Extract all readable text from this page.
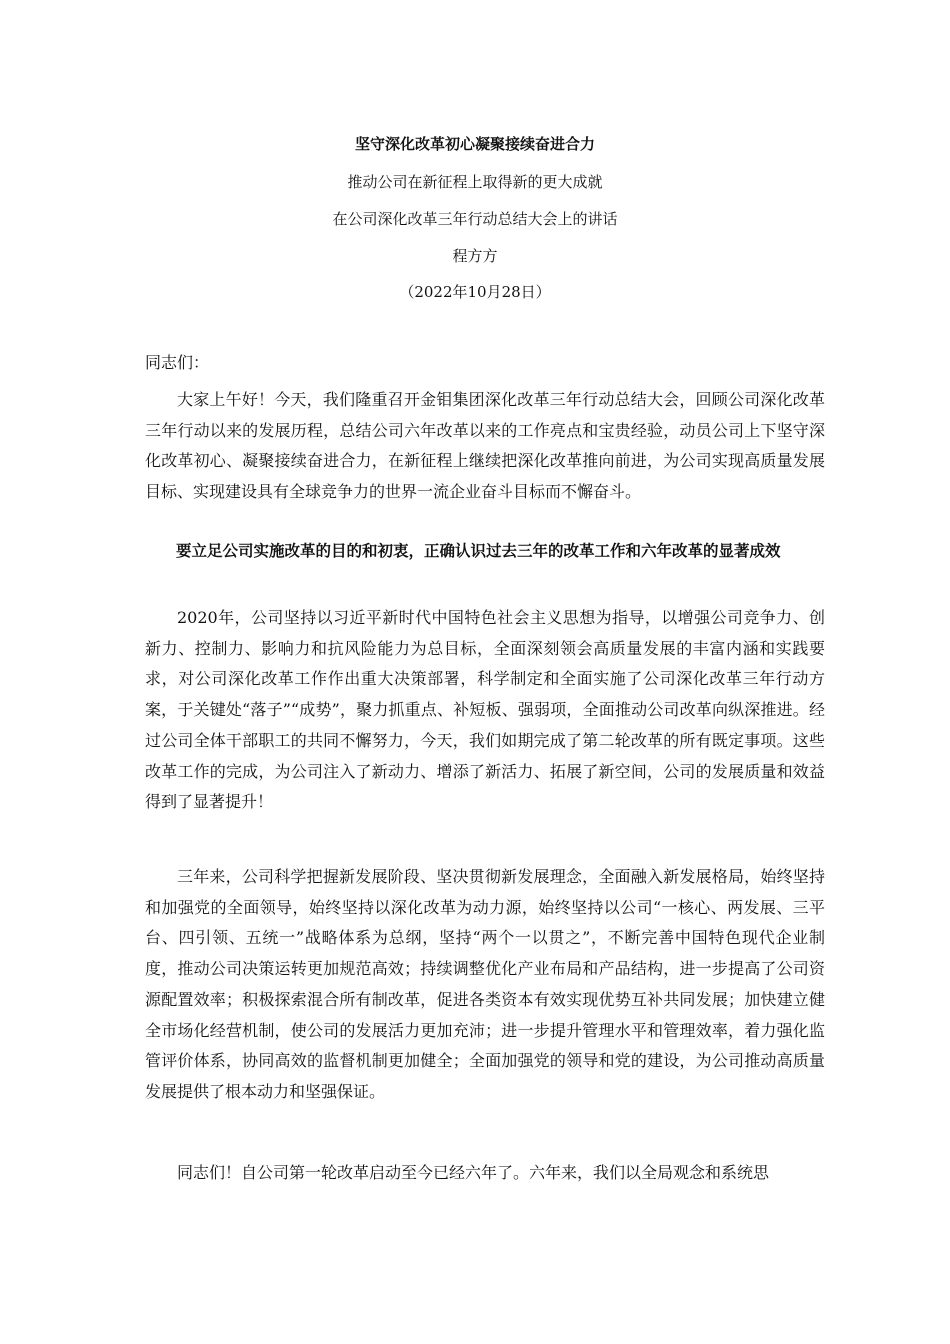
坚守深化改革初心凝聚接续奋进合力
推动公司在新征程上取得新的更大成就
在公司深化改革三年行动总结大会上的讲话
程方方
（2022年10月28日）
同志们：

大家上午好！今天，我们隆重召开金钼集团深化改革三年行动总结大会，回顾公司深化改革三年行动以来的发展历程，总结公司六年改革以来的工作亮点和宝贵经验，动员公司上下坚守深化改革初心、凝聚接续奋进合力，在新征程上继续把深化改革推向前进，为公司实现高质量发展目标、实现建设具有全球竞争力的世界一流企业奋斗目标而不懈奋斗。

要立足公司实施改革的目的和初衷，正确认识过去三年的改革工作和六年改革的显著成效

2020年，公司坚持以习近平新时代中国特色社会主义思想为指导，以增强公司竞争力、创新力、控制力、影响力和抗风险能力为总目标，全面深刻领会高质量发展的丰富内涵和实践要求，对公司深化改革工作作出重大决策部署，科学制定和全面实施了公司深化改革三年行动方案，于关键处“落子”“成势”，聚力抓重点、补短板、强弱项，全面推动公司改革向纵深推进。经过公司全体干部职工的共同不懈努力，今天，我们如期完成了第二轮改革的所有既定事项。这些改革工作的完成，为公司注入了新动力、增添了新活力、拓展了新空间，公司的发展质量和效益得到了显著提升！

三年来，公司科学把握新发展阶段、坚决贯彻新发展理念，全面融入新发展格局，始终坚持和加强党的全面领导，始终坚持以深化改革为动力源，始终坚持以公司“一核心、两发展、三平台、四引领、五统一”战略体系为总纲，坚持“两个一以贯之”，不断完善中国特色现代企业制度，推动公司决策运转更加规范高效；持续调整优化产业布局和产品结构，进一步提高了公司资源配置效率；积极探索混合所有制改革，促进各类资本有效实现优势互补共同发展；加快建立健全市场化经营机制，使公司的发展活力更加充沛；进一步提升管理水平和管理效率，着力强化监管评价体系，协同高效的监督机制更加健全；全面加强党的领导和党的建设，为公司推动高质量发展提供了根本动力和坚强保证。

同志们！自公司第一轮改革启动至今已经六年了。六年来，我们以全局观念和系统思
